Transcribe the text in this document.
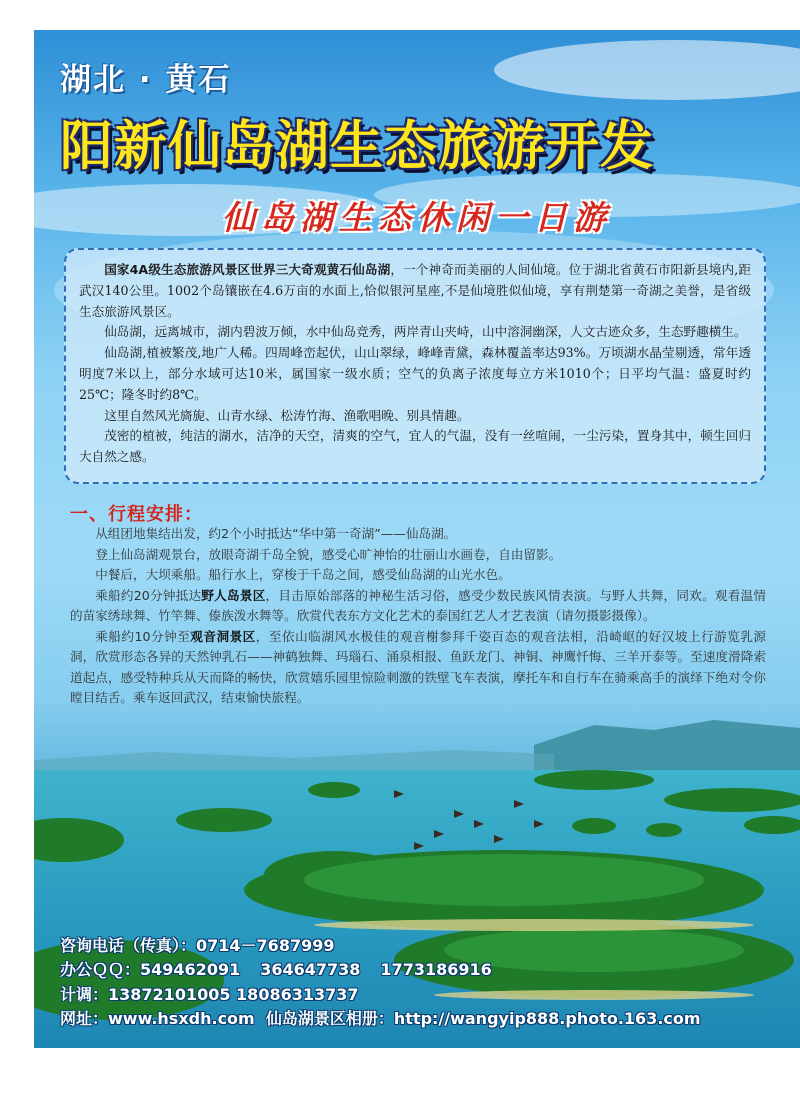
湖北 · 黄石
阳新仙岛湖生态旅游开发
仙岛湖生态休闲一日游

国家4A级生态旅游风景区世界三大奇观黄石仙岛湖，一个神奇而美丽的人间仙境。位于湖北省黄石市阳新县境内,距武汉140公里。1002个岛镶嵌在4.6万亩的水面上,恰似银河星座,不是仙境胜似仙境，享有荆楚第一奇湖之美誉，是省级生态旅游风景区。

仙岛湖，远离城市，湖内碧波万倾，水中仙岛竞秀，两岸青山夹峙，山中溶洞幽深，人文古迹众多，生态野趣横生。

仙岛湖,植被繁茂,地广人稀。四周峰峦起伏，山山翠绿，峰峰青黛，森林覆盖率达93%。万顷湖水晶莹剔透，常年透明度7米以上，部分水域可达10米，属国家一级水质；空气的负离子浓度每立方米1010个；日平均气温：盛夏时约25℃；隆冬时约8℃。

这里自然风光旖旎、山青水绿、松涛竹海、渔歌唱晚、别具情趣。

茂密的植被，纯洁的湖水，洁净的天空，清爽的空气，宜人的气温，没有一丝喧闹，一尘污染，置身其中，顿生回归大自然之感。

一、行程安排：

从组团地集结出发，约2个小时抵达“华中第一奇湖”——仙岛湖。

登上仙岛湖观景台，放眼奇湖千岛全貌，感受心旷神怡的壮丽山水画卷，自由留影。

中餐后，大坝乘船。船行水上，穿梭于千岛之间，感受仙岛湖的山光水色。

乘船约20分钟抵达野人岛景区，目击原始部落的神秘生活习俗，感受少数民族风情表演。与野人共舞，同欢。观看温情的苗家绣球舞、竹竿舞、傣族泼水舞等。欣赏代表东方文化艺术的泰国红艺人才艺表演（请勿摄影摄像）。

乘船约10分钟至观音洞景区，至依山临湖风水极佳的观音榭参拜千姿百态的观音法相，沿崎岖的好汉坡上行游览乳源洞，欣赏形态各异的天然钟乳石——神鹤独舞、玛瑙石、涌泉相报、鱼跃龙门、神铜、神鹰忏悔、三羊开泰等。至速度滑降索道起点，感受特种兵从天而降的畅快，欣赏嬉乐园里惊险刺激的铁壁飞车表演，摩托车和自行车在骑乘高手的演绎下绝对令你瞠目结舌。乘车返回武汉，结束愉快旅程。

咨询电话（传真）：0714－7687999
办公ＱＱ：549462091 364647738 1773186916
计调：13872101005 18086313737
网址：www.hsxdh.com 仙岛湖景区相册：http://wangyip888.photo.163.com
